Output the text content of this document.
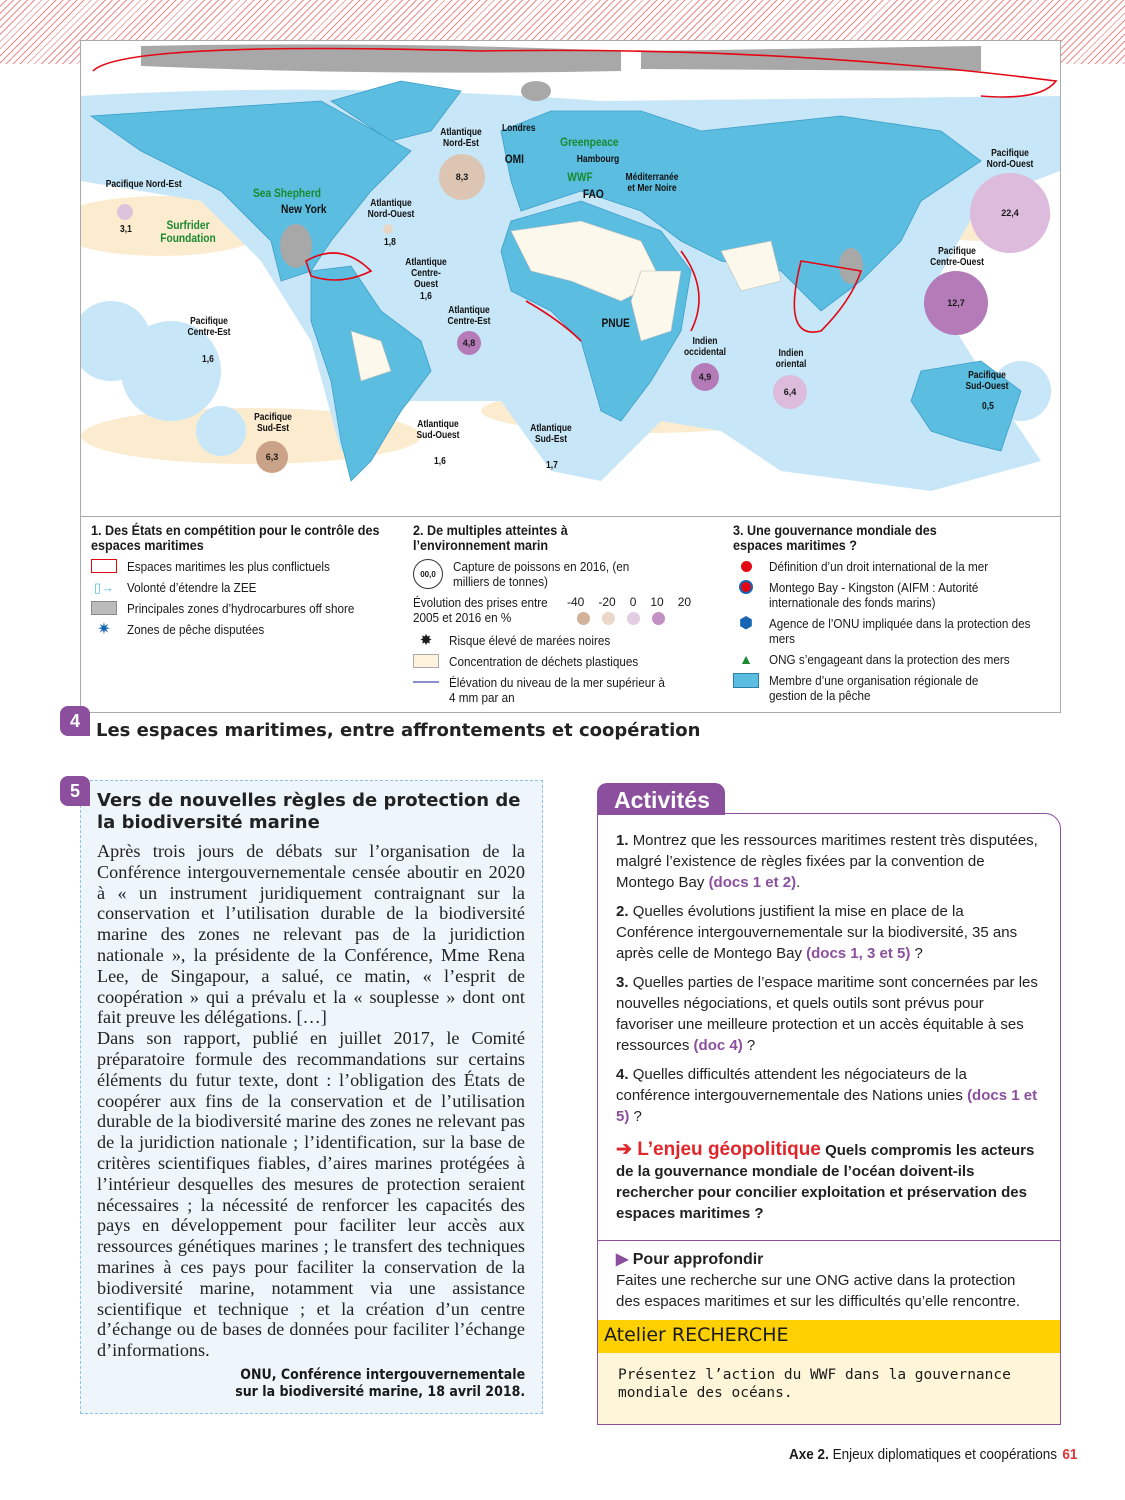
8,3
22,4
12,7
4,8
4,9
6,4
6,3
Pacifique Nord-Est
3,1	Surfrider Foundation
Sea Shepherd
New York	Atlantique Nord-Ouest
1,8
Atlantique Nord-Est
Londres
Greenpeace
OMI	Hambourg
WWF
FAO
Méditerranée et Mer Noire
Atlantique Centre-Ouest
1,6
Atlantique Centre-Est
Pacifique Centre-Est
1,6
PNUE
Indien occidental	Indien oriental
Pacifique Nord-Ouest
Pacifique Centre-Ouest
Pacifique Sud-Ouest
0,5
Pacifique Sud-Est	Atlantique Sud-Ouest
1,6
Atlantique Sud-Est
1,7
1. Des États en compétition pour le contrôle des espaces maritimes
Espaces maritimes les plus conflictuels
▯→ Volonté d’étendre la ZEE
Principales zones d’hydrocarbures off shore
✷	Zones de pêche disputées
2. De multiples atteintes à l’environnement marin
00,0	Capture de poissons en 2016, (en milliers de tonnes)
Évolution des prises entre 2005 et 2016 en %
-40 -20 0 10 20
✸	Risque élevé de marées noires
Concentration de déchets plastiques
Élévation du niveau de la mer supérieur à 4 mm par an
3. Une gouvernance mondiale des espaces maritimes ?
Définition d’un droit international de la mer
Montego Bay - Kingston (AIFM : Autorité internationale des fonds marins)
⬢	Agence de l’ONU impliquée dans la protection des mers
▲	ONG s’engageant dans la protection des mers
Membre d’une organisation régionale de gestion de la pêche
4 Les espaces maritimes, entre affrontements et coopération
Vers de nouvelles règles de protection de la biodiversité marine

Après trois jours de débats sur l’organisation de la Conférence intergouvernementale censée aboutir en 2020 à « un instrument juridiquement contraignant sur la conservation et l’utilisation durable de la biodiversité marine des zones ne relevant pas de la juridiction nationale », la présidente de la Conférence, Mme Rena Lee, de Singapour, a salué, ce matin, « l’esprit de coopération » qui a prévalu et la « souplesse » dont ont fait preuve les délégations. […]

Dans son rapport, publié en juillet 2017, le Comité préparatoire formule des recommandations sur certains éléments du futur texte, dont : l’obligation des États de coopérer aux fins de la conservation et de l’utilisation durable de la biodiversité marine des zones ne relevant pas de la juridiction nationale ; l’identification, sur la base de critères scientifiques fiables, d’aires marines protégées à l’intérieur desquelles des mesures de protection seraient nécessaires ; la nécessité de renforcer les capacités des pays en développement pour faciliter leur accès aux ressources génétiques marines ; le transfert des techniques marines à ces pays pour faciliter la conservation de la biodiversité marine, notamment via une assistance scientifique et technique ; et la création d’un centre d’échange ou de bases de données pour faciliter l’échange d’informations.

ONU, Conférence intergouvernementale
sur la biodiversité marine, 18 avril 2018.
5	Activités
1. Montrez que les ressources maritimes restent très disputées, malgré l’existence de règles fixées par la convention de Montego Bay (docs 1 et 2).
2. Quelles évolutions justifient la mise en place de la Conférence intergouvernementale sur la biodiversité, 35 ans après celle de Montego Bay (docs 1, 3 et 5) ?
3. Quelles parties de l’espace maritime sont concernées par les nouvelles négociations, et quels outils sont prévus pour favoriser une meilleure protection et un accès équitable à ses ressources (doc 4) ?
4. Quelles difficultés attendent les négociateurs de la conférence intergouvernementale des Nations unies (docs 1 et 5) ?
➔ L’enjeu géopolitique Quels compromis les acteurs de la gouvernance mondiale de l’océan doivent-ils rechercher pour concilier exploitation et préservation des espaces maritimes ?
▶ Pour approfondir
Faites une recherche sur une ONG active dans la protection des espaces maritimes et sur les difficultés qu’elle rencontre.
Atelier RECHERCHE
Présentez l’action du WWF dans la gouvernance mondiale des océans.
Axe 2. Enjeux diplomatiques et coopérations 61
